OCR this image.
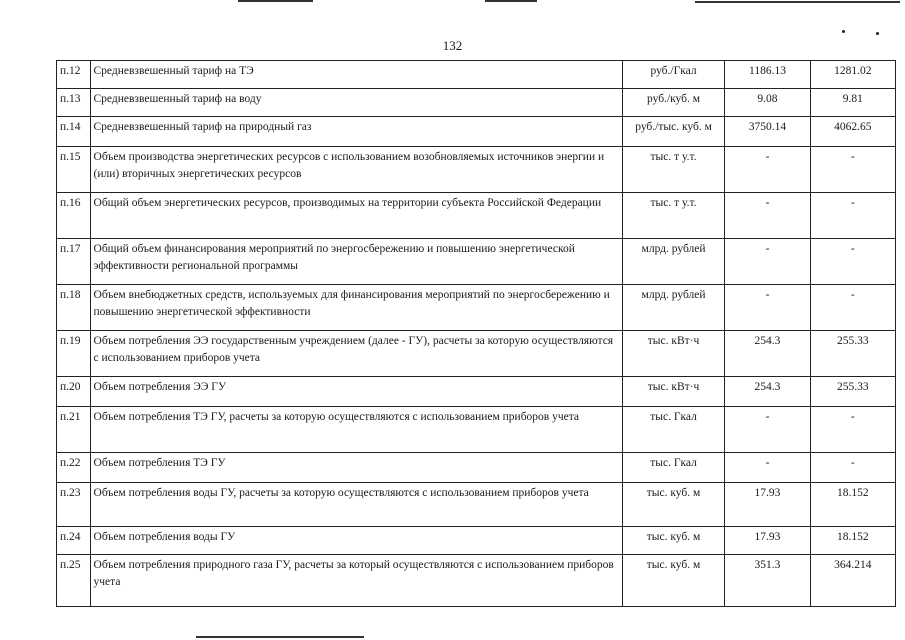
132
п.12	Средневзвешенный тариф на ТЭ	руб./Гкал	1186.13	1281.02
п.13	Средневзвешенный тариф на воду	руб./куб. м	9.08	9.81
п.14	Средневзвешенный тариф на природный газ	руб./тыс. куб. м	3750.14	4062.65
п.15	Объем производства энергетических ресурсов с использованием возобновляемых источников энергии и (или) вторичных энергетических ресурсов	тыс. т у.т.	-	-
п.16	Общий объем энергетических ресурсов, производимых на территории субъекта Российской Федерации	тыс. т у.т.	-	-
п.17	Общий объем финансирования мероприятий по энергосбережению и повышению энергетической эффективности региональной программы	млрд. рублей	-	-
п.18	Объем внебюджетных средств, используемых для финансирования мероприятий по энергосбережению и повышению энергетической эффективности	млрд. рублей	-	-
п.19	Объем потребления ЭЭ государственным учреждением (далее - ГУ), расчеты за которую осуществляются с использованием приборов учета	тыс. кВт·ч	254.3	255.33
п.20	Объем потребления ЭЭ ГУ	тыс. кВт·ч	254.3	255.33
п.21	Объем потребления ТЭ ГУ, расчеты за которую осуществляются с использованием приборов учета	тыс. Гкал	-	-
п.22	Объем потребления ТЭ ГУ	тыс. Гкал	-	-
п.23	Объем потребления воды ГУ, расчеты за которую осуществляются с использованием приборов учета	тыс. куб. м	17.93	18.152
п.24	Объем потребления воды ГУ	тыс. куб. м	17.93	18.152
п.25	Объем потребления природного газа ГУ, расчеты за который осуществляются с использованием приборов учета	тыс. куб. м	351.3	364.214
